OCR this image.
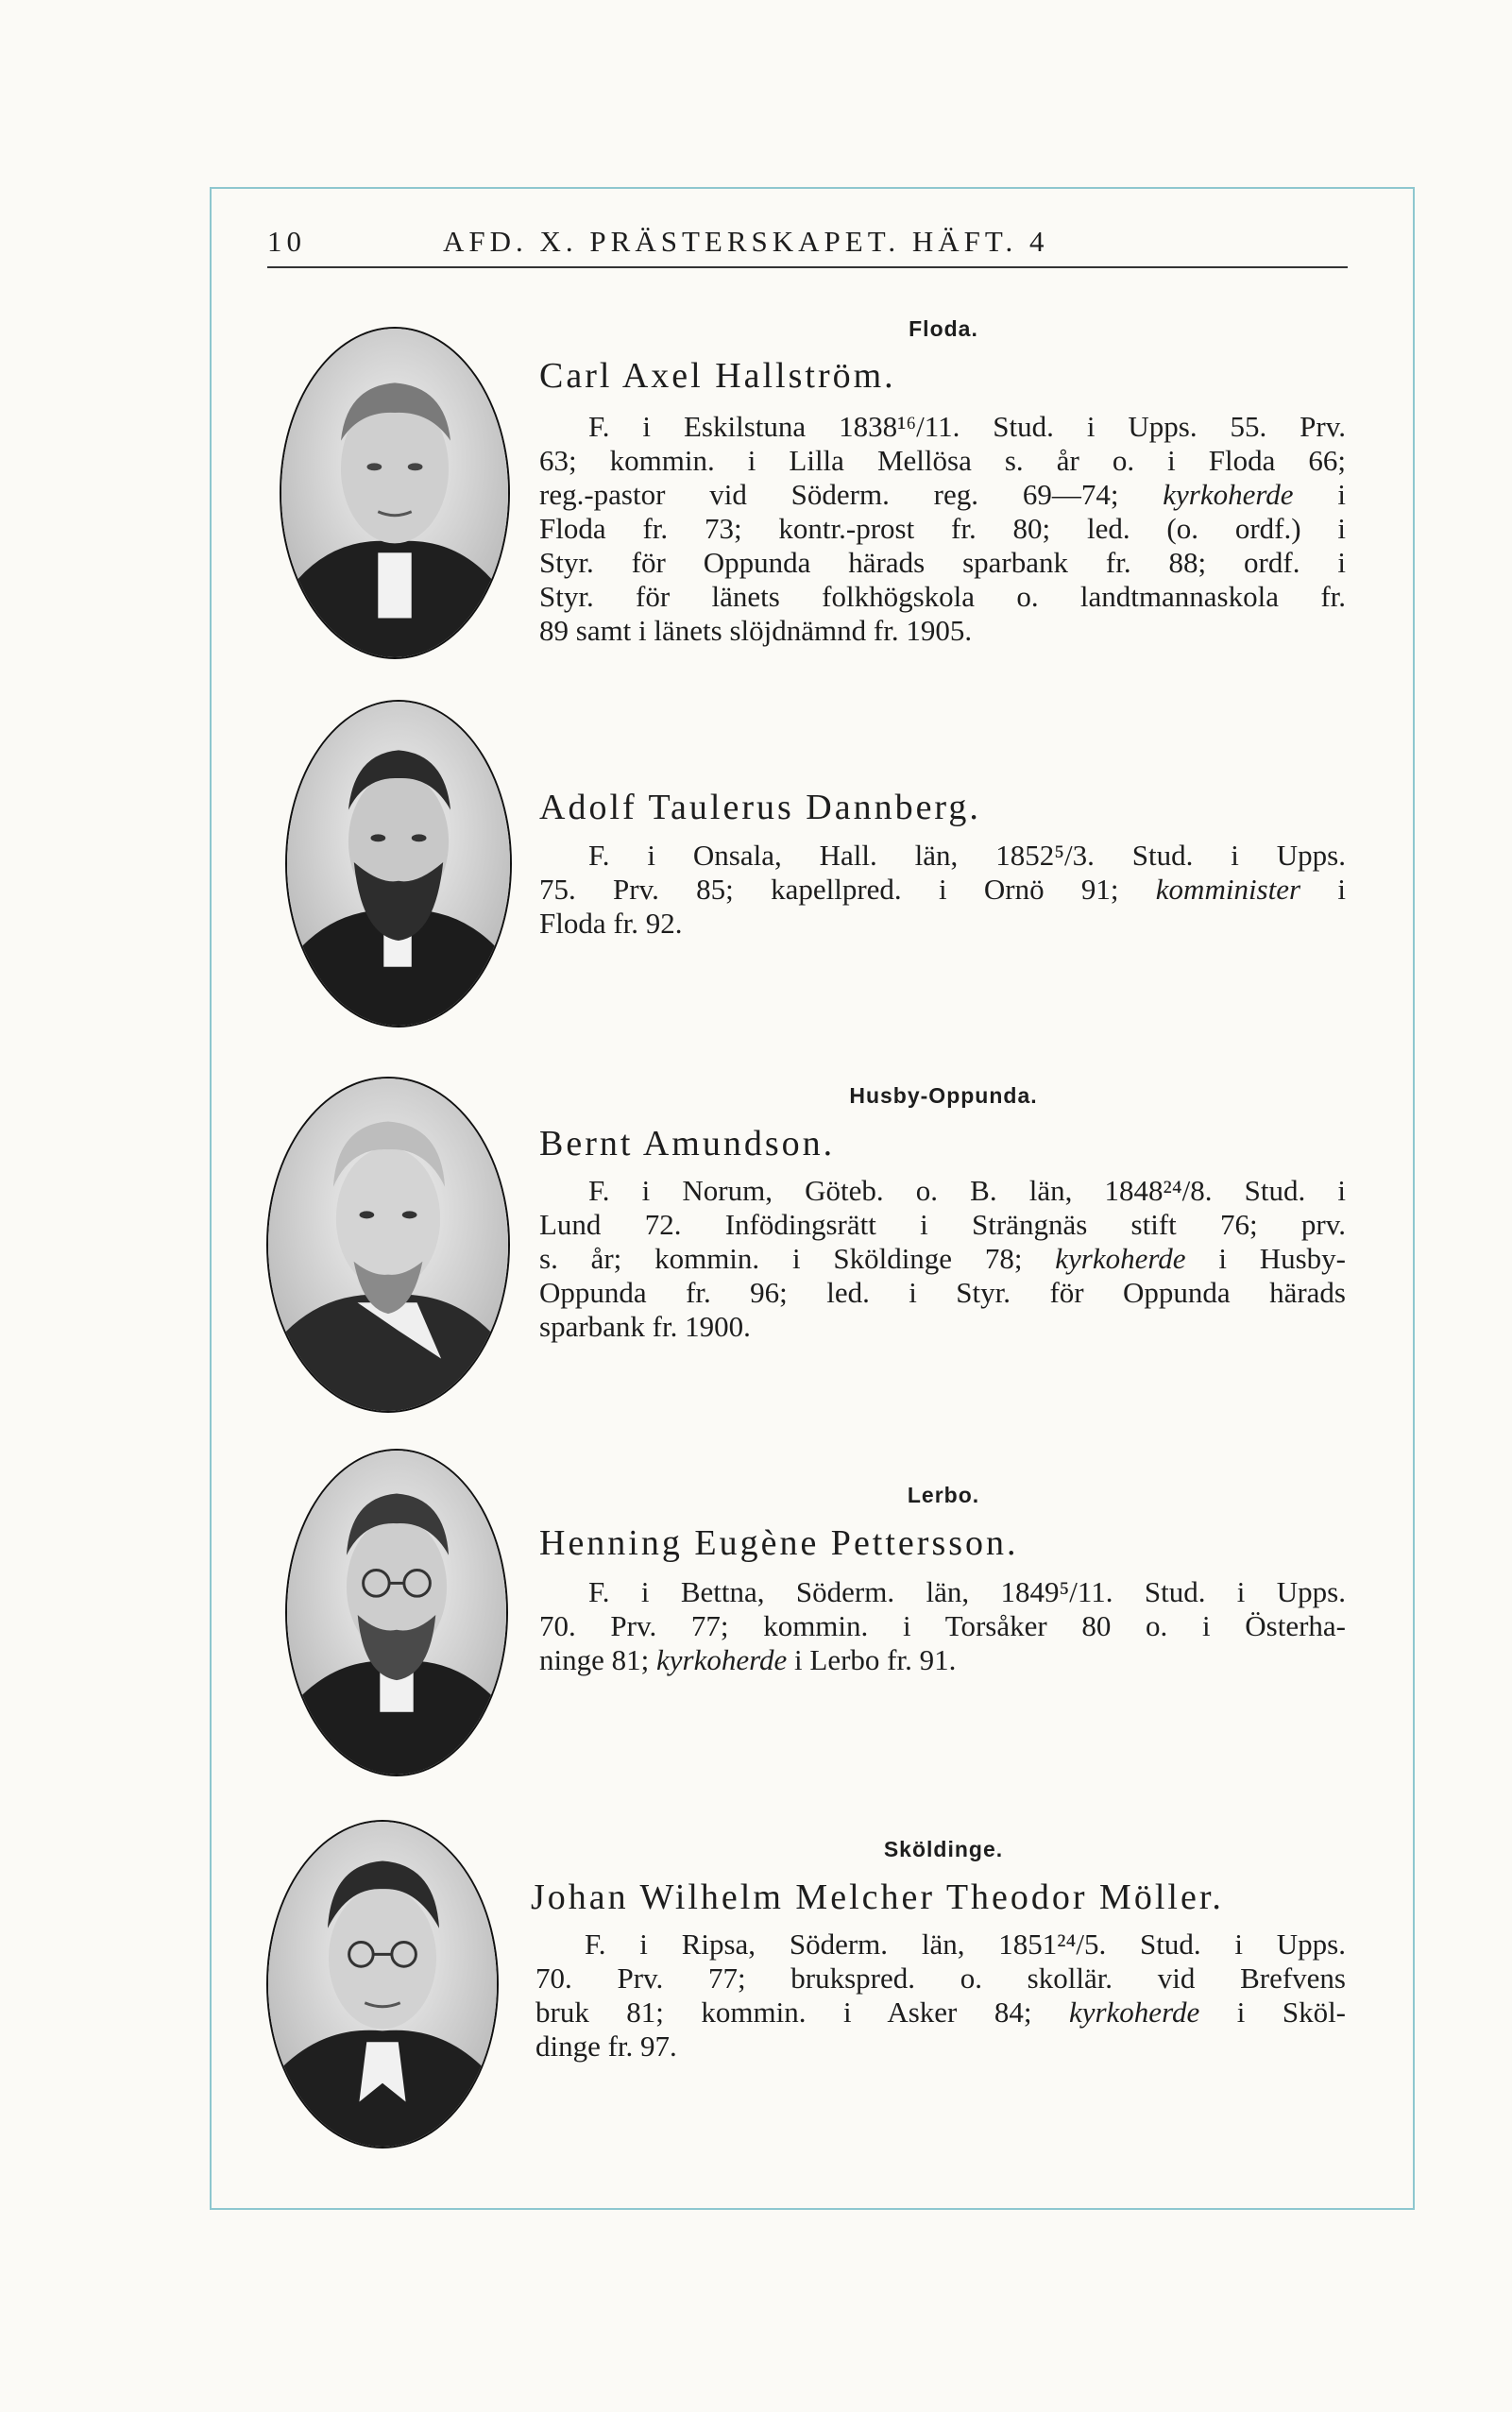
10	AFD. X. PRÄSTERSKAPET. HÄFT. 4
Floda.
Carl Axel Hallström.
F. i Eskilstuna 1838¹⁶/11. Stud. i Upps. 55. Prv.
63; kommin. i Lilla Mellösa s. år o. i Floda 66;
reg.-pastor vid Söderm. reg. 69—74; kyrkoherde i
Floda fr. 73; kontr.-prost fr. 80; led. (o. ordf.) i
Styr. för Oppunda härads sparbank fr. 88; ordf. i
Styr. för länets folkhögskola o. landtmannaskola fr.
89 samt i länets slöjdnämnd fr. 1905.
Adolf Taulerus Dannberg.
F. i Onsala, Hall. län, 1852⁵/3. Stud. i Upps.
75. Prv. 85; kapellpred. i Ornö 91; komminister i
Floda fr. 92.
Husby-Oppunda.
Bernt Amundson.
F. i Norum, Göteb. o. B. län, 1848²⁴/8. Stud. i
Lund 72. Infödingsrätt i Strängnäs stift 76; prv.
s. år; kommin. i Sköldinge 78; kyrkoherde i Husby-
Oppunda fr. 96; led. i Styr. för Oppunda härads
sparbank fr. 1900.
Lerbo.
Henning Eugène Pettersson.
F. i Bettna, Söderm. län, 1849⁵/11. Stud. i Upps.
70. Prv. 77; kommin. i Torsåker 80 o. i Österha-
ninge 81; kyrkoherde i Lerbo fr. 91.
Sköldinge.
Johan Wilhelm Melcher Theodor Möller.
F. i Ripsa, Söderm. län, 1851²⁴/5. Stud. i Upps.
70. Prv. 77; brukspred. o. skollär. vid Brefvens
bruk 81; kommin. i Asker 84; kyrkoherde i Sköl-
dinge fr. 97.
